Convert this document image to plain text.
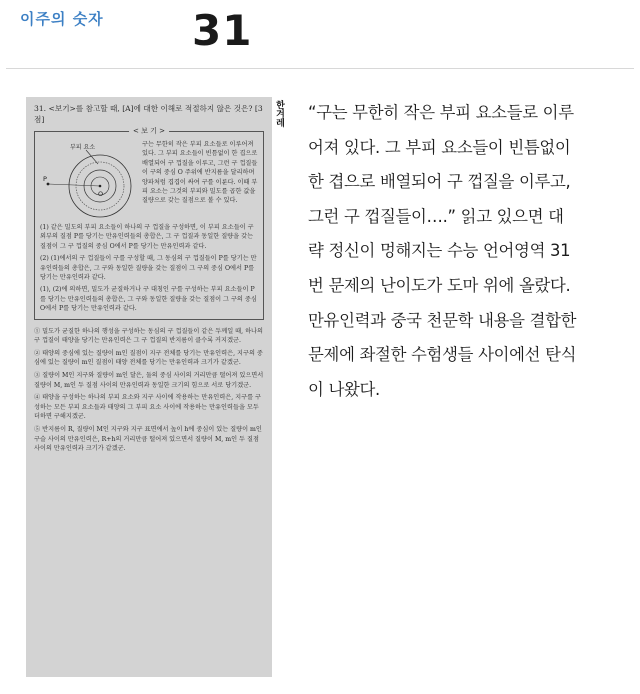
이주의 숫자 31
31. <보기>를 참고할 때, [A]에 대한 이해로 적절하지 않은 것은? [3점]
< 보 기 >
부피 요소
P
O
구는 무한히 작은 부피 요소들로 이루어져 있다. 그 부피 요소들이 빈틈없이 한 겹으로 배열되어 구 껍질을 이루고, 그런 구 껍질들이 구의 중심 O 주위에 반지름을 달리하며 양파처럼 겹겹이 싸여 구를 이룬다. 이때 부피 요소는 그것의 부피와 밀도를 곱한 값을 질량으로 갖는 질점으로 볼 수 있다.
(1) 같은 밀도의 부피 요소들이 하나의 구 껍질을 구성하면, 이 부피 요소들이 구 외부의 질점 P를 당기는 만유인력들의 총합은, 그 구 껍질과 동일한 질량을 갖는 질점이 그 구 껍질의 중심 O에서 P를 당기는 만유인력과 같다.
(2) (1)에서의 구 껍질들이 구를 구성할 때, 그 동심의 구 껍질들이 P를 당기는 만유인력들의 총합은, 그 구와 동일한 질량을 갖는 질점이 그 구의 중심 O에서 P를 당기는 만유인력과 같다.
(1), (2)에 의하면, 밀도가 균질하거나 구 대칭인 구를 구성하는 부피 요소들이 P를 당기는 만유인력들의 총합은, 그 구와 동일한 질량을 갖는 질점이 그 구의 중심 O에서 P를 당기는 만유인력과 같다.
① 밀도가 균질한 하나의 행성을 구성하는 동심의 구 껍질들이 같은 두께일 때, 하나의 구 껍질이 태양을 당기는 만유인력은 그 구 껍질의 반지름이 클수록 커지겠군.
② 태양의 중심에 있는 질량이 m인 질점이 지구 전체를 당기는 만유인력은, 지구의 중심에 있는 질량이 m인 질점이 태양 전체를 당기는 만유인력과 크기가 같겠군.
③ 질량이 M인 지구와 질량이 m인 달은, 둘의 중심 사이의 거리만큼 떨어져 있으면서 질량이 M, m인 두 질점 사이의 만유인력과 동일한 크기의 힘으로 서로 당기겠군.
④ 태양을 구성하는 하나의 부피 요소와 지구 사이에 작용하는 만유인력은, 지구를 구성하는 모든 부피 요소들과 태양의 그 부피 요소 사이에 작용하는 만유인력들을 모두 더하면 구해지겠군.
⑤ 반지름이 R, 질량이 M인 지구와 지구 표면에서 높이 h에 중심이 있는 질량이 m인 구슬 사이의 만유인력은, R+h의 거리만큼 떨어져 있으면서 질량이 M, m인 두 질점 사이의 만유인력과 크기가 같겠군.
한겨레 “구는 무한히 작은 부피 요소들로 이루
어져 있다. 그 부피 요소들이 빈틈없이
한 겹으로 배열되어 구 껍질을 이루고,
그런 구 껍질들이….” 읽고 있으면 대
략 정신이 멍해지는 수능 언어영역 31
번 문제의 난이도가 도마 위에 올랐다.
만유인력과 중국 천문학 내용을 결합한
문제에 좌절한 수험생들 사이에선 탄식
이 나왔다.
